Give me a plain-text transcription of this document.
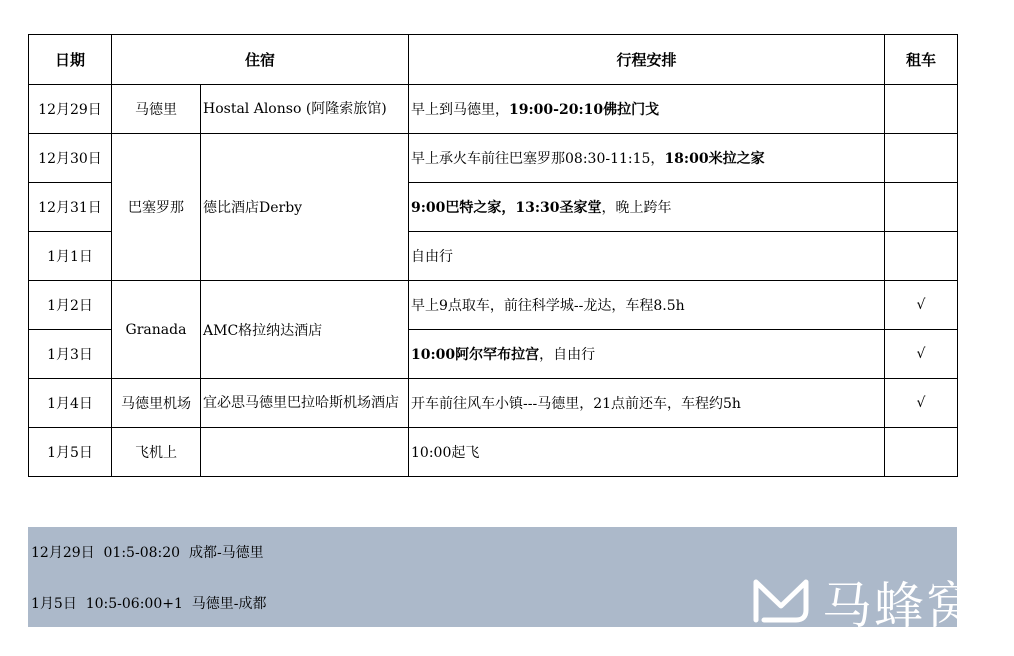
日期	住宿		行程安排	租车
12月29日	马德里	Hostal Alonso (阿隆索旅馆)	早上到马德里，19:00-20:10佛拉门戈	
12月30日	巴塞罗那	德比酒店Derby	早上承火车前往巴塞罗那08:30-11:15，18:00米拉之家	
12月31日			9:00巴特之家，13:30圣家堂，晚上跨年	
1月1日			自由行	
1月2日	Granada	AMC格拉纳达酒店	早上9点取车，前往科学城--龙达，车程8.5h	√
1月3日			10:00阿尔罕布拉宫，自由行	√
1月4日	马德里机场	宜必思马德里巴拉哈斯机场酒店	开车前往风车小镇---马德里，21点前还车，车程约5h	√
1月5日	飞机上		10:00起飞	
12月29日  01:5-08:20  成都-马德里
1月5日  10:5-06:00+1  马德里-成都	马蜂窝
